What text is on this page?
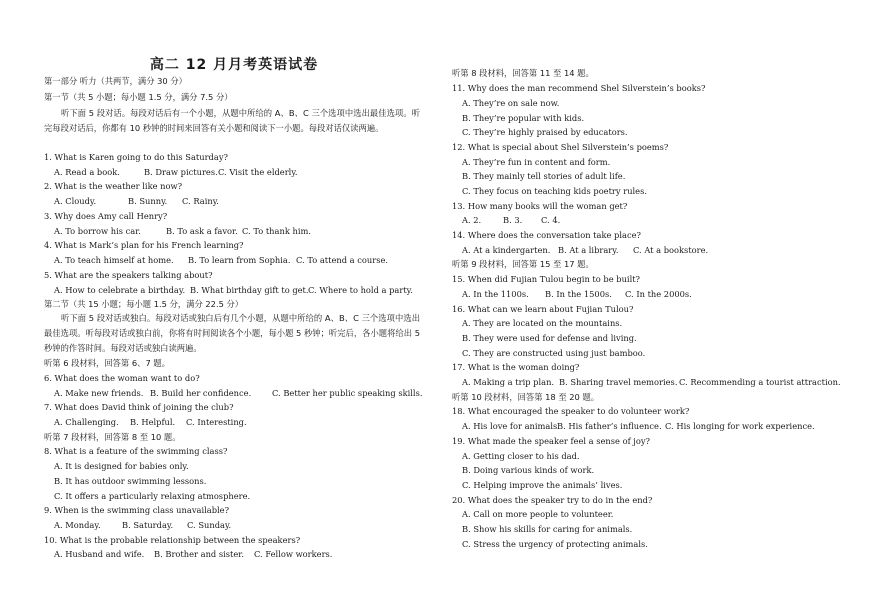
高二 12 月月考英语试卷
第一部分 听力（共两节，满分 30 分）
第一节（共 5 小题；每小题 1.5 分，满分 7.5 分）
听下面 5 段对话。每段对话后有一个小题，从题中所给的 A、B、C 三个选项中选出最佳选项。听完每段对话后，你都有 10 秒钟的时间来回答有关小题和阅读下一小题。每段对话仅读两遍。
1. What is Karen going to do this Saturday?
A. Read a book.	B. Draw pictures.C. Visit the elderly.
2. What is the weather like now?
A. Cloudy.	B. Sunny. C. Rainy.
3. Why does Amy call Henry?
A. To borrow his car.	B. To ask a favor. C. To thank him.
4. What is Mark’s plan for his French learning?
A. To teach himself at home. B. To learn from Sophia. C. To attend a course.
5. What are the speakers talking about?
A. How to celebrate a birthday. B. What birthday gift to get.C. Where to hold a party.
第二节（共 15 小题；每小题 1.5 分，满分 22.5 分）
听下面 5 段对话或独白。每段对话或独白后有几个小题，从题中所给的 A、B、C 三个选项中选出最佳选项。听每段对话或独白前，你将有时间阅读各个小题，每小题 5 秒钟；听完后，各小题将给出 5 秒钟的作答时间。每段对话或独白读两遍。
听第 6 段材料，回答第 6、7 题。
6. What does the woman want to do?
A. Make new friends. B. Build her confidence.	C. Better her public speaking skills.
7. What does David think of joining the club?
A. Challenging. B. Helpful. C. Interesting.
听第 7 段材料，回答第 8 至 10 题。
8. What is a feature of the swimming class?
A. It is designed for babies only.
B. It has outdoor swimming lessons.
C. It offers a particularly relaxing atmosphere.
9. When is the swimming class unavailable?
A. Monday.	B. Saturday. C. Sunday.
10. What is the probable relationship between the speakers?
A. Husband and wife. B. Brother and sister. C. Fellow workers.
听第 8 段材料，回答第 11 至 14 题。
11. Why does the man recommend Shel Silverstein’s books?
A. They’re on sale now.
B. They’re popular with kids.
C. They’re highly praised by educators.
12. What is special about Shel Silverstein’s poems?
A. They’re fun in content and form.
B. They mainly tell stories of adult life.
C. They focus on teaching kids poetry rules.
13. How many books will the woman get?
A. 2.	B. 3. C. 4.
14. Where does the conversation take place?
A. At a kindergarten. B. At a library. C. At a bookstore.
听第 9 段材料，回答第 15 至 17 题。
15. When did Fujian Tulou begin to be built?
A. In the 1100s. B. In the 1500s. C. In the 2000s.
16. What can we learn about Fujian Tulou?
A. They are located on the mountains.
B. They were used for defense and living.
C. They are constructed using just bamboo.
17. What is the woman doing?
A. Making a trip plan. B. Sharing travel memories. C. Recommending a tourist attraction.
听第 10 段材料，回答第 18 至 20 题。
18. What encouraged the speaker to do volunteer work?
A. His love for animals.B. His father’s influence. C. His longing for work experience.
19. What made the speaker feel a sense of joy?
A. Getting closer to his dad.
B. Doing various kinds of work.
C. Helping improve the animals’ lives.
20. What does the speaker try to do in the end?
A. Call on more people to volunteer.
B. Show his skills for caring for animals.
C. Stress the urgency of protecting animals.
